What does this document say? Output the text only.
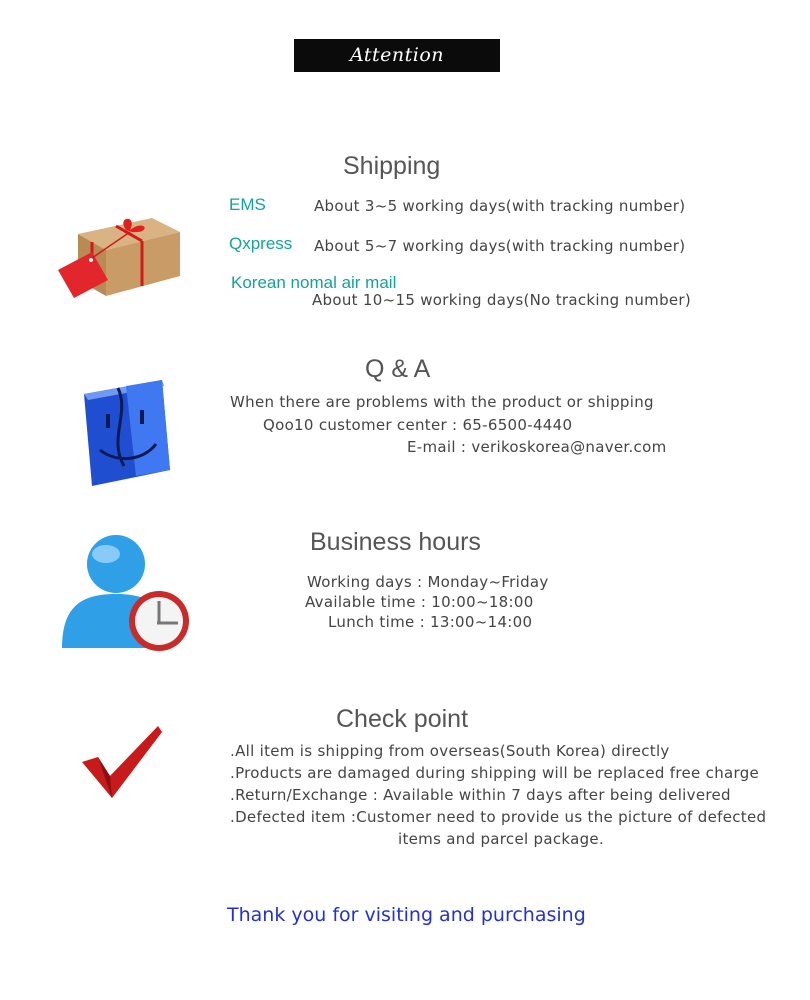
Attention
Shipping
EMS	About 3~5 working days(with tracking number)
Qxpress About 5~7 working days(with tracking number)
Korean nomal air mail
About 10~15 working days(No tracking number)
Q & A
When there are problems with the product or shipping
Qoo10 customer center : 65-6500-4440
E-mail : verikoskorea@naver.com
Business hours
Working days : Monday~Friday
Available time : 10:00~18:00
Lunch time : 13:00~14:00
Check point
.All item is shipping from overseas(South Korea) directly
.Products are damaged during shipping will be replaced free charge
.Return/Exchange : Available within 7 days after being delivered
.Defected item :Customer need to provide us the picture of defected
items and parcel package.
Thank you for visiting and purchasing
